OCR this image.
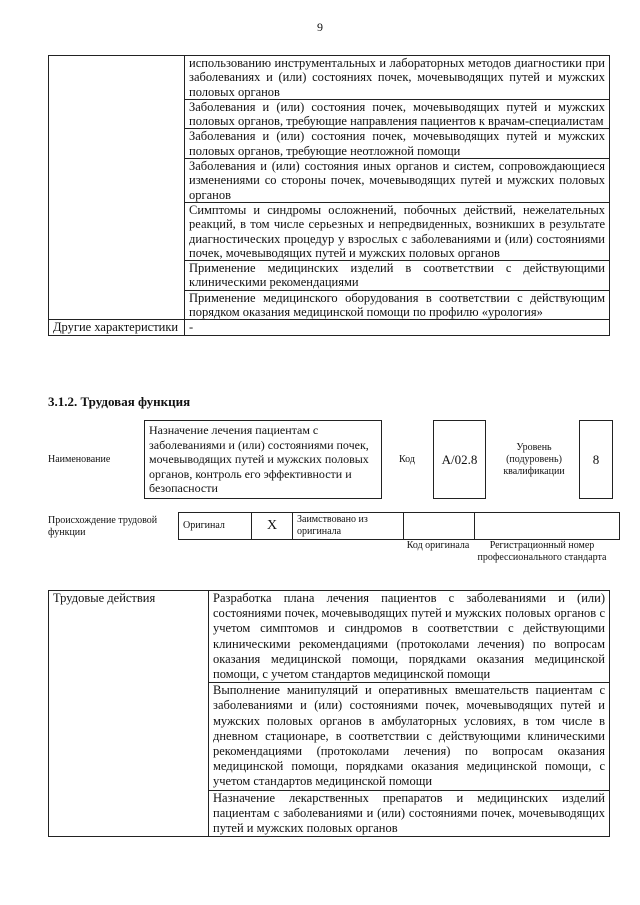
9
	использованию инструментальных и лабораторных методов диагностики при заболеваниях и (или) состояниях почек, мочевыводящих путей и мужских половых органов
	Заболевания и (или) состояния почек, мочевыводящих путей и мужских половых органов, требующие направления пациентов к врачам-специалистам
	Заболевания и (или) состояния почек, мочевыводящих путей и мужских половых органов, требующие неотложной помощи
	Заболевания и (или) состояния иных органов и систем, сопровождающиеся изменениями со стороны почек, мочевыводящих путей и мужских половых органов
	Симптомы и синдромы осложнений, побочных действий, нежелательных реакций, в том числе серьезных и непредвиденных, возникших в результате диагностических процедур у взрослых с заболеваниями и (или) состояниями почек, мочевыводящих путей и мужских половых органов
	Применение медицинских изделий в соответствии с действующими клиническими рекомендациями
	Применение медицинского оборудования в соответствии с действующим порядком оказания медицинской помощи по профилю «урология»
Другие характеристики	-
3.1.2. Трудовая функция
Наименование
Назначение лечения пациентам с заболеваниями и (или) состояниями почек, мочевыводящих путей и мужских половых органов, контроль его эффективности и безопасности
Код	A/02.8
Уровень (подуровень) квалификации
8
Происхождение трудовой функции
Оригинал	X	Заимствовано из оригинала		
Код оригинала	Регистрационный номер профессионального стандарта
Трудовые действия	Разработка плана лечения пациентов с заболеваниями и (или) состояниями почек, мочевыводящих путей и мужских половых органов с учетом симптомов и синдромов в соответствии с действующими клиническими рекомендациями (протоколами лечения) по вопросам оказания медицинской помощи, порядками оказания медицинской помощи, с учетом стандартов медицинской помощи
Выполнение манипуляций и оперативных вмешательств пациентам с заболеваниями и (или) состояниями почек, мочевыводящих путей и мужских половых органов в амбулаторных условиях, в том числе в дневном стационаре, в соответствии с действующими клиническими рекомендациями (протоколами лечения) по вопросам оказания медицинской помощи, порядками оказания медицинской помощи, с учетом стандартов медицинской помощи
Назначение лекарственных препаратов и медицинских изделий пациентам с заболеваниями и (или) состояниями почек, мочевыводящих путей и мужских половых органов
